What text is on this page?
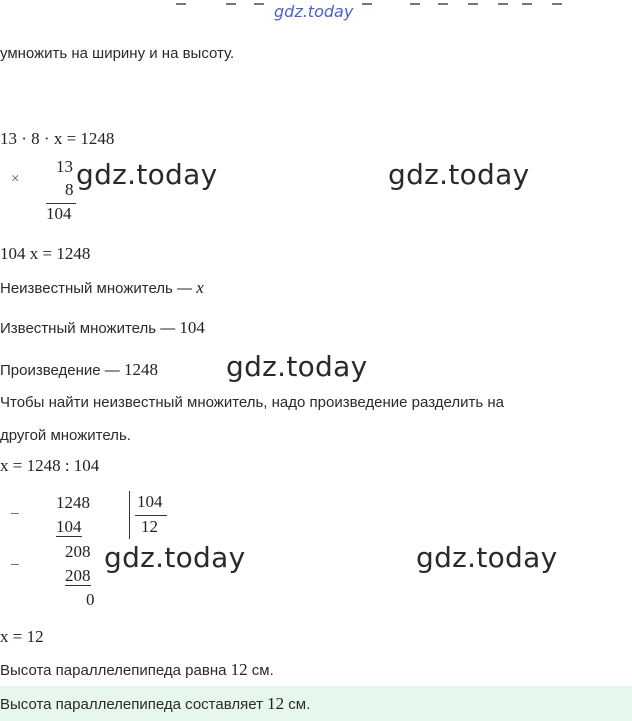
gdz.today
умножить на ширину и на высоту.
13 · 8 · x = 1248
×
13
8
104
gdz.today	gdz.today
104 x = 1248
Неизвестный множитель — x
Известный множитель — 104
Произведение — 1248 gdz.today
Чтобы найти неизвестный множитель, надо произведение разделить на
другой множитель.
x = 1248 : 104
−
1248
104
104
12
−
208
208
0
gdz.today	gdz.today
x = 12
Высота параллелепипеда равна 12 см.
Высота параллелепипеда составляет 12 см.
